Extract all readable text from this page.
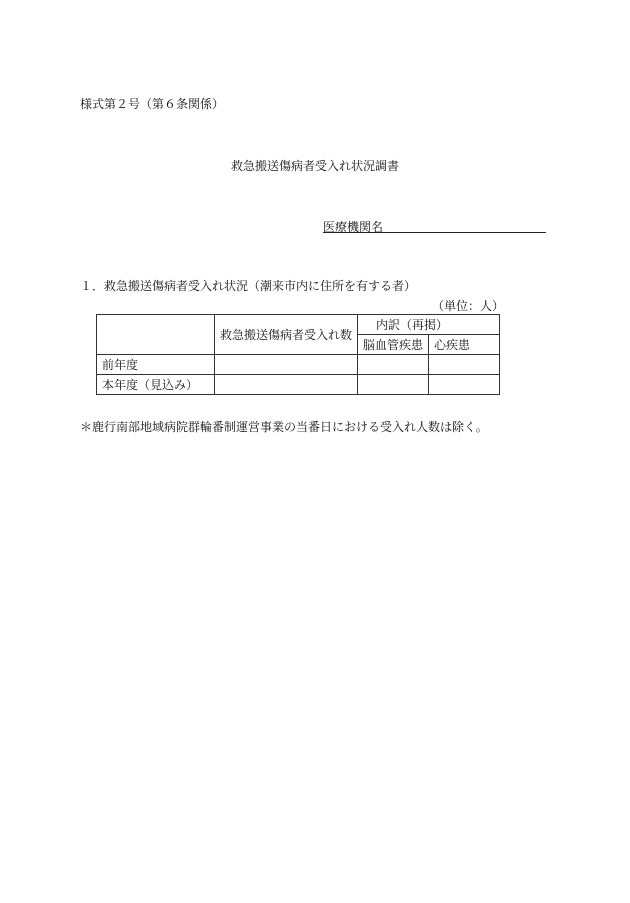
様式第２号（第６条関係）
救急搬送傷病者受入れ状況調書
医療機関名
１．救急搬送傷病者受入れ状況（潮来市内に住所を有する者）
（単位：人）
	救急搬送傷病者受入れ数	内訳（再掲）	
		脳血管疾患	心疾患
前年度			
本年度（見込み）			
＊鹿行南部地域病院群輪番制運営事業の当番日における受入れ人数は除く。
